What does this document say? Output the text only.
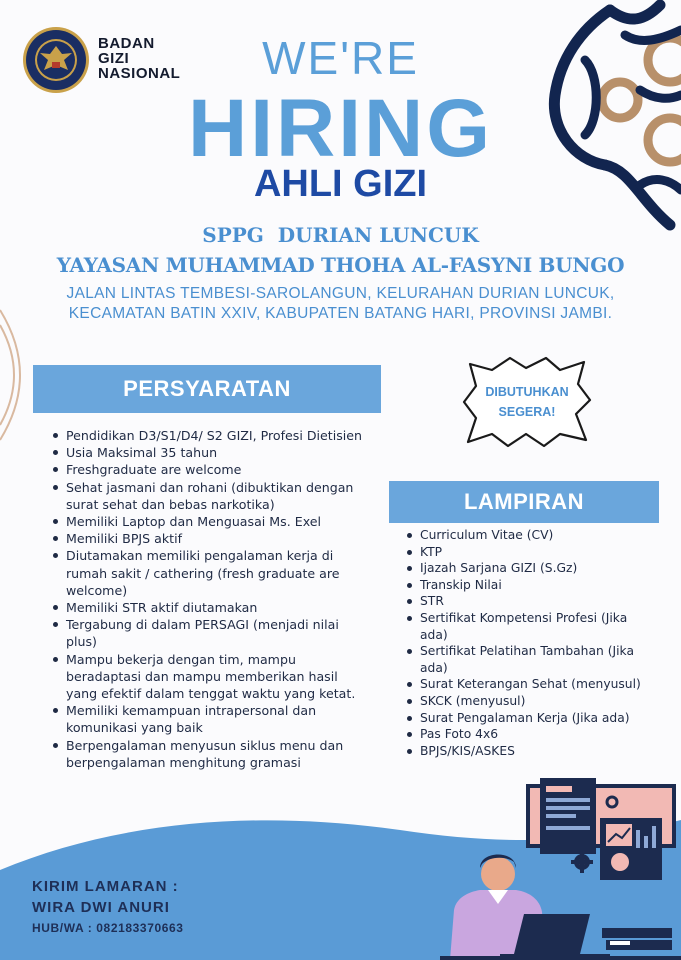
BADAN
GIZI
NASIONAL	WE'RE
HIRING
AHLI GIZI
SPPG  DURIAN LUNCUK
YAYASAN MUHAMMAD THOHA AL-FASYNI BUNGO
JALAN LINTAS TEMBESI-SAROLANGUN, KELURAHAN DURIAN LUNCUK,
KECAMATAN BATIN XXIV, KABUPATEN BATANG HARI, PROVINSI JAMBI.
PERSYARATAN	DIBUTUHKAN
SEGERA!
Pendidikan D3/S1/D4/ S2 GIZI, Profesi Dietisien
Usia Maksimal 35 tahun
Freshgraduate are welcome
Sehat jasmani dan rohani (dibuktikan dengan surat sehat dan bebas narkotika)
Memiliki Laptop dan Menguasai Ms. Exel
Memiliki BPJS aktif
Diutamakan memiliki pengalaman kerja di rumah sakit / cathering (fresh graduate are welcome)
Memiliki STR aktif diutamakan
Tergabung di dalam PERSAGI (menjadi nilai plus)
Mampu bekerja dengan tim, mampu beradaptasi dan mampu memberikan hasil yang efektif dalam tenggat waktu yang ketat.
Memiliki kemampuan intrapersonal dan komunikasi yang baik
Berpengalaman menyusun siklus menu dan berpengalaman menghitung gramasi
LAMPIRAN
Curriculum Vitae (CV)
KTP
Ijazah Sarjana GIZI (S.Gz)
Transkip Nilai
STR
Sertifikat Kompetensi Profesi (Jika ada)
Sertifikat Pelatihan Tambahan (Jika ada)
Surat Keterangan Sehat (menyusul)
SKCK (menyusul)
Surat Pengalaman Kerja (Jika ada)
Pas Foto 4x6
BPJS/KIS/ASKES
KIRIM LAMARAN :
WIRA DWI ANURI
HUB/WA : 082183370663
